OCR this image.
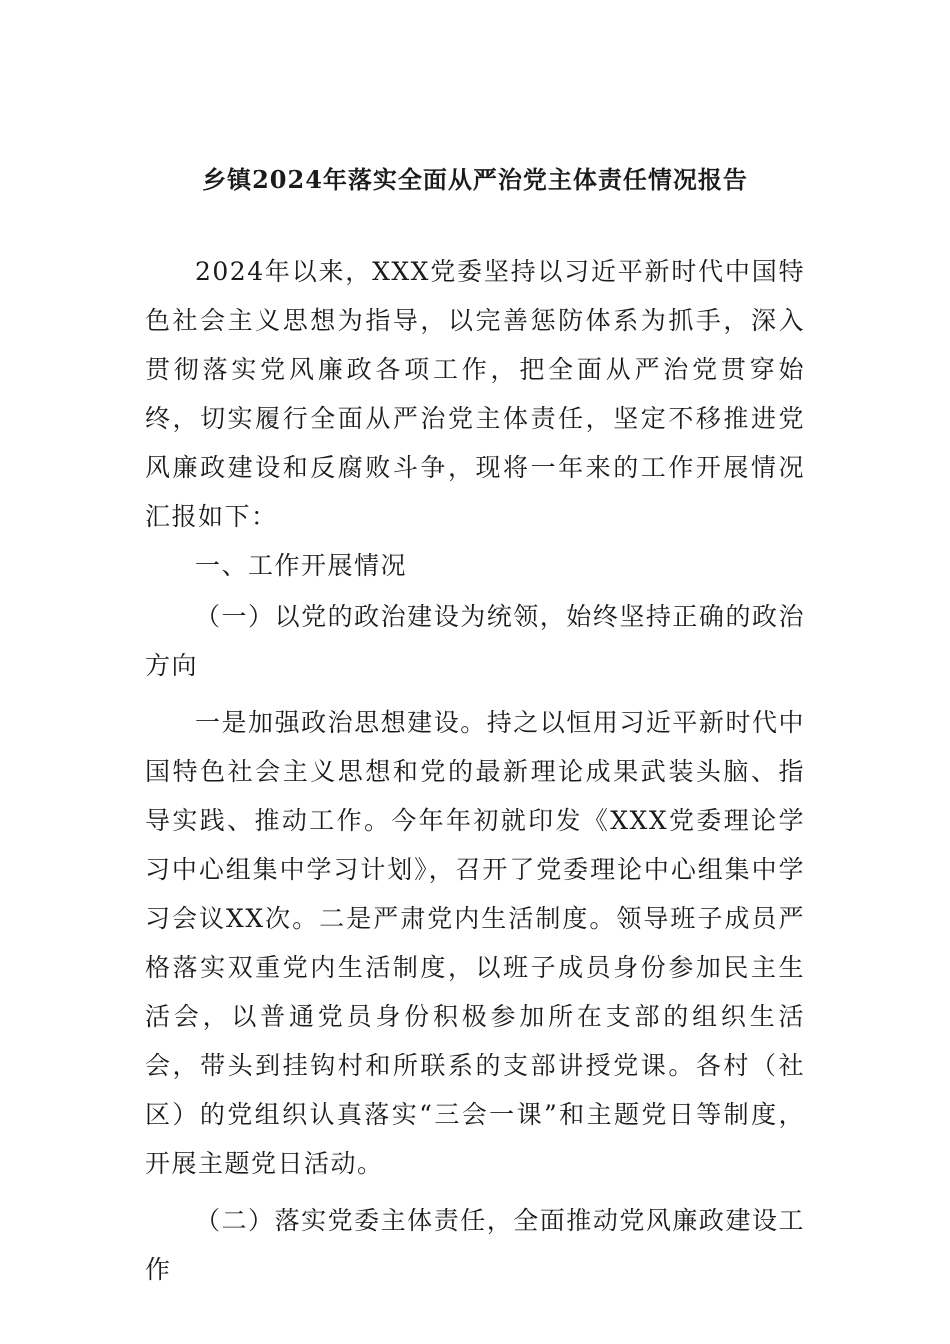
乡镇2024年落实全面从严治党主体责任情况报告

2024年以来，XXX党委坚持以习近平新时代中国特色社会主义思想为指导，以完善惩防体系为抓手，深入贯彻落实党风廉政各项工作，把全面从严治党贯穿始终，切实履行全面从严治党主体责任，坚定不移推进党风廉政建设和反腐败斗争，现将一年来的工作开展情况汇报如下：

一、工作开展情况

（一）以党的政治建设为统领，始终坚持正确的政治方向

一是加强政治思想建设。持之以恒用习近平新时代中国特色社会主义思想和党的最新理论成果武装头脑、指导实践、推动工作。今年年初就印发《XXX党委理论学习中心组集中学习计划》，召开了党委理论中心组集中学习会议XX次。二是严肃党内生活制度。领导班子成员严格落实双重党内生活制度，以班子成员身份参加民主生活会，以普通党员身份积极参加所在支部的组织生活会，带头到挂钩村和所联系的支部讲授党课。各村（社区）的党组织认真落实“三会一课”和主题党日等制度，开展主题党日活动。

（二）落实党委主体责任，全面推动党风廉政建设工作
